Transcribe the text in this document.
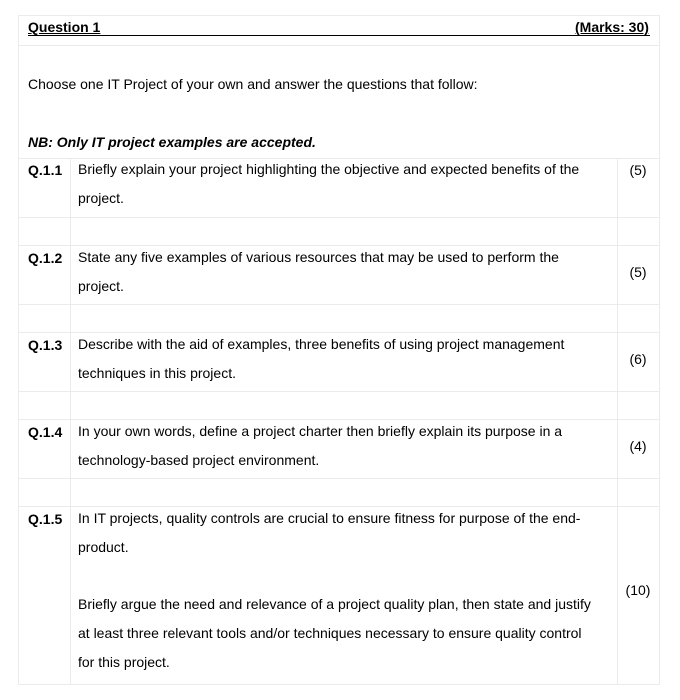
Question 1	(Marks: 30)
Choose one IT Project of your own and answer the questions that follow:
NB: Only IT project examples are accepted.
Q.1.1 Briefly explain your project highlighting the objective and expected benefits of the
project.
(5)
Q.1.2 State any five examples of various resources that may be used to perform the
project.
(5)
Q.1.3 Describe with the aid of examples, three benefits of using project management
techniques in this project.
(6)
Q.1.4 In your own words, define a project charter then briefly explain its purpose in a
technology-based project environment.
(4)
Q.1.5 In IT projects, quality controls are crucial to ensure fitness for purpose of the end-
product.
Briefly argue the need and relevance of a project quality plan, then state and justify
at least three relevant tools and/or techniques necessary to ensure quality control
for this project.
(10)
